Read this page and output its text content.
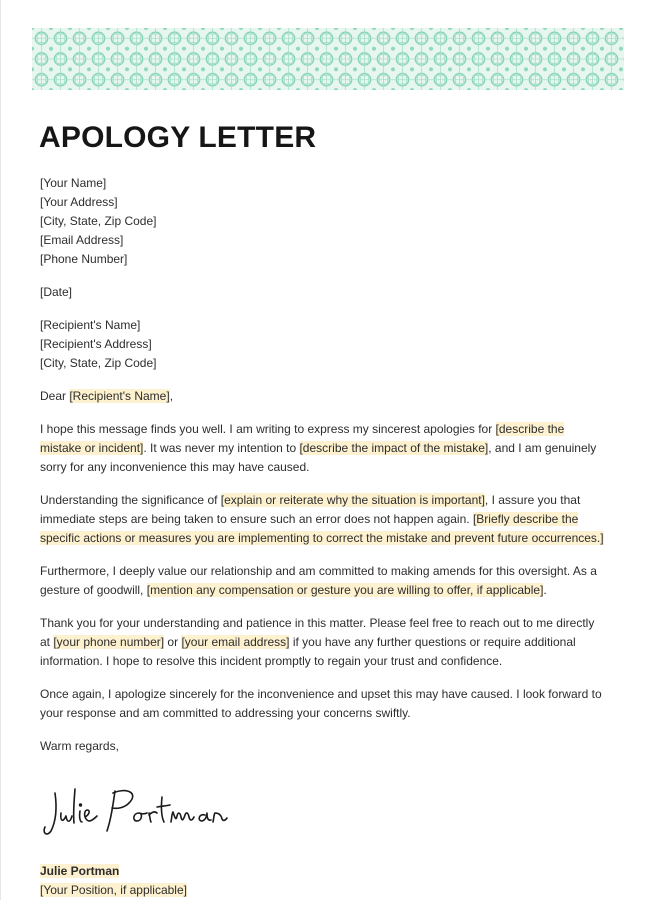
APOLOGY LETTER
[Your Name]
[Your Address]
[City, State, Zip Code]
[Email Address]
[Phone Number]
[Date]
[Recipient's Name]
[Recipient's Address]
[City, State, Zip Code]

Dear [Recipient's Name],

I hope this message finds you well. I am writing to express my sincerest apologies for [describe the
mistake or incident]. It was never my intention to [describe the impact of the mistake], and I am genuinely
sorry for any inconvenience this may have caused.

Understanding the significance of [explain or reiterate why the situation is important], I assure you that
immediate steps are being taken to ensure such an error does not happen again. [Briefly describe the
specific actions or measures you are implementing to correct the mistake and prevent future occurrences.]

Furthermore, I deeply value our relationship and am committed to making amends for this oversight. As a
gesture of goodwill, [mention any compensation or gesture you are willing to offer, if applicable].

Thank you for your understanding and patience in this matter. Please feel free to reach out to me directly
at [your phone number] or [your email address] if you have any further questions or require additional
information. I hope to resolve this incident promptly to regain your trust and confidence.

Once again, I apologize sincerely for the inconvenience and upset this may have caused. I look forward to
your response and am committed to addressing your concerns swiftly.

Warm regards,

Julie Portman
[Your Position, if applicable]
